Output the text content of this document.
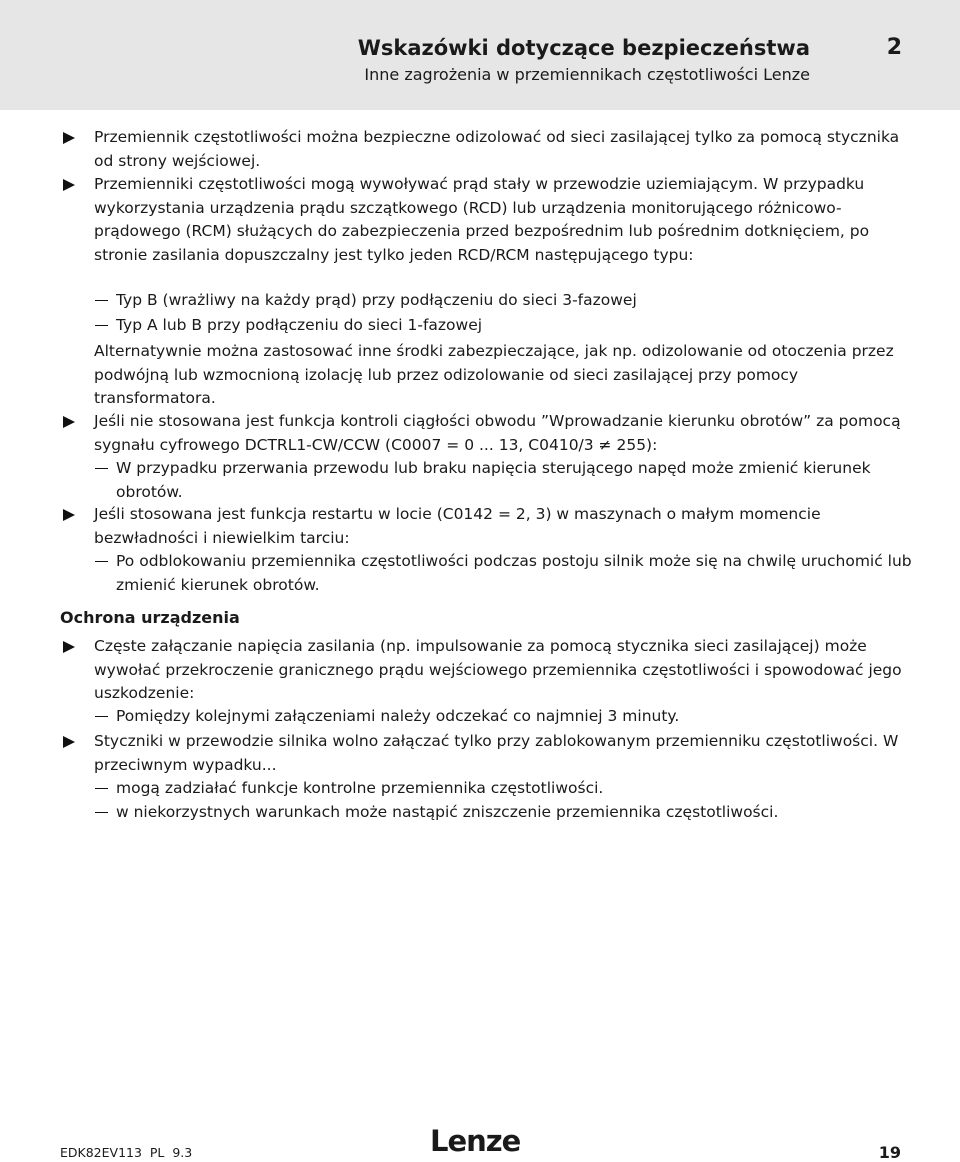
Wskazówki dotyczące bezpieczeństwa
Inne zagrożenia w przemiennikach częstotliwości Lenze
2
Przemiennik częstotliwości można bezpieczne odizolować od sieci zasilającej tylko za pomocą stycznika od strony wejściowej.
Przemienniki częstotliwości mogą wywoływać prąd stały w przewodzie uziemiającym. W przypadku wykorzystania urządzenia prądu szczątkowego (RCD) lub urządzenia monitorującego różnicowo-prądowego (RCM) służących do zabezpieczenia przed bezpośrednim lub pośrednim dotknięciem, po stronie zasilania dopuszczalny jest tylko jeden RCD/RCM następującego typu:
Typ B (wrażliwy na każdy prąd) przy podłączeniu do sieci 3-fazowej
Typ A lub B przy podłączeniu do sieci 1-fazowej
Alternatywnie można zastosować inne środki zabezpieczające, jak np. odizolowanie od otoczenia przez podwójną lub wzmocnioną izolację lub przez odizolowanie od sieci zasilającej przy pomocy transformatora.
Jeśli nie stosowana jest funkcja kontroli ciągłości obwodu ”Wprowadzanie kierunku obrotów” za pomocą sygnału cyfrowego DCTRL1-CW/CCW (C0007 = 0 ... 13, C0410/3 ≠ 255):
W przypadku przerwania przewodu lub braku napięcia sterującego napęd może zmienić kierunek obrotów.
Jeśli stosowana jest funkcja restartu w locie (C0142 = 2, 3) w maszynach o małym momencie bezwładności i niewielkim tarciu:
Po odblokowaniu przemiennika częstotliwości podczas postoju silnik może się na chwilę uruchomić lub zmienić kierunek obrotów.
Ochrona urządzenia
Częste załączanie napięcia zasilania (np. impulsowanie za pomocą stycznika sieci zasilającej) może wywołać przekroczenie granicznego prądu wejściowego przemiennika częstotliwości i spowodować jego uszkodzenie:
Pomiędzy kolejnymi załączeniami należy odczekać co najmniej 3 minuty.
Styczniki w przewodzie silnika wolno załączać tylko przy zablokowanym przemienniku częstotliwości. W przeciwnym wypadku...
mogą zadziałać funkcje kontrolne przemiennika częstotliwości.
w niekorzystnych warunkach może nastąpić zniszczenie przemiennika częstotliwości.
EDK82EV113  PL  9.3	Lenze	19
